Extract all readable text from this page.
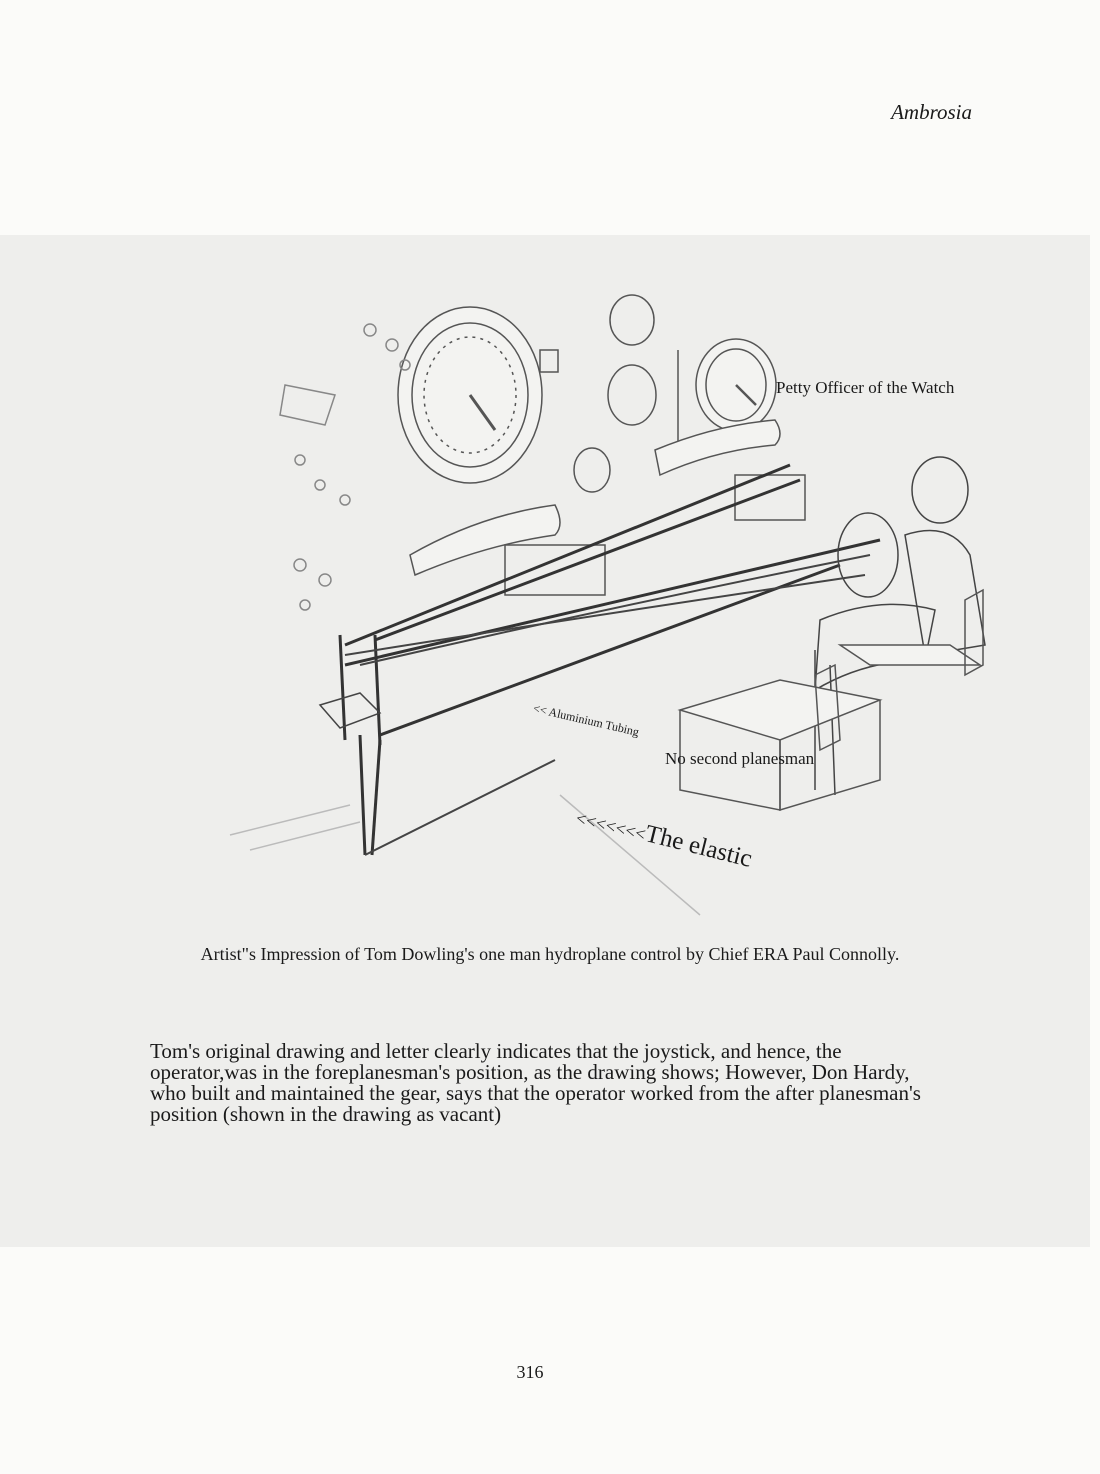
Ambrosia
Petty Officer of the Watch
<< Aluminium Tubing
No second planesman
<<<<<<<The elastic
Artist"s Impression of Tom Dowling's one man hydroplane control by Chief ERA Paul Connolly.

Tom's original drawing and letter clearly indicates that the joystick, and hence, the operator,was in the foreplanesman's position, as the drawing shows; However, Don Hardy, who built and maintained the gear, says that the operator worked from the after planesman's position (shown in the drawing as vacant)

316
